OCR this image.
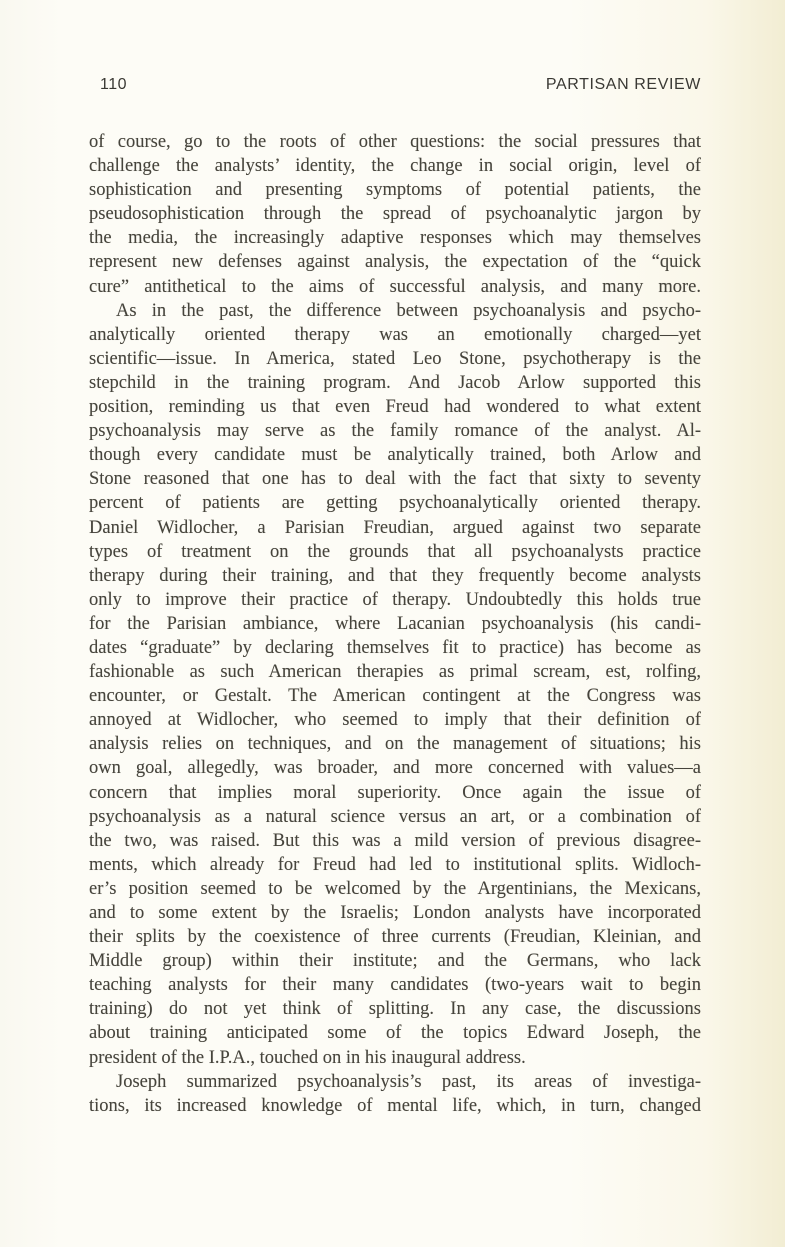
110	PARTISAN REVIEW
of course, go to the roots of other questions: the social pressures that
challenge the analysts’ identity, the change in social origin, level of
sophistication and presenting symptoms of potential patients, the
pseudosophistication through the spread of psychoanalytic jargon by
the media, the increasingly adaptive responses which may themselves
represent new defenses against analysis, the expectation of the “quick
cure” antithetical to the aims of successful analysis, and many more.
As in the past, the difference between psychoanalysis and psycho-
analytically oriented therapy was an emotionally charged—yet
scientific—issue. In America, stated Leo Stone, psychotherapy is the
stepchild in the training program. And Jacob Arlow supported this
position, reminding us that even Freud had wondered to what extent
psychoanalysis may serve as the family romance of the analyst. Al-
though every candidate must be analytically trained, both Arlow and
Stone reasoned that one has to deal with the fact that sixty to seventy
percent of patients are getting psychoanalytically oriented therapy.
Daniel Widlocher, a Parisian Freudian, argued against two separate
types of treatment on the grounds that all psychoanalysts practice
therapy during their training, and that they frequently become analysts
only to improve their practice of therapy. Undoubtedly this holds true
for the Parisian ambiance, where Lacanian psychoanalysis (his candi-
dates “graduate” by declaring themselves fit to practice) has become as
fashionable as such American therapies as primal scream, est, rolfing,
encounter, or Gestalt. The American contingent at the Congress was
annoyed at Widlocher, who seemed to imply that their definition of
analysis relies on techniques, and on the management of situations; his
own goal, allegedly, was broader, and more concerned with values—a
concern that implies moral superiority. Once again the issue of
psychoanalysis as a natural science versus an art, or a combination of
the two, was raised. But this was a mild version of previous disagree-
ments, which already for Freud had led to institutional splits. Widloch-
er’s position seemed to be welcomed by the Argentinians, the Mexicans,
and to some extent by the Israelis; London analysts have incorporated
their splits by the coexistence of three currents (Freudian, Kleinian, and
Middle group) within their institute; and the Germans, who lack
teaching analysts for their many candidates (two-years wait to begin
training) do not yet think of splitting. In any case, the discussions
about training anticipated some of the topics Edward Joseph, the
president of the I.P.A., touched on in his inaugural address.
Joseph summarized psychoanalysis’s past, its areas of investiga-
tions, its increased knowledge of mental life, which, in turn, changed
